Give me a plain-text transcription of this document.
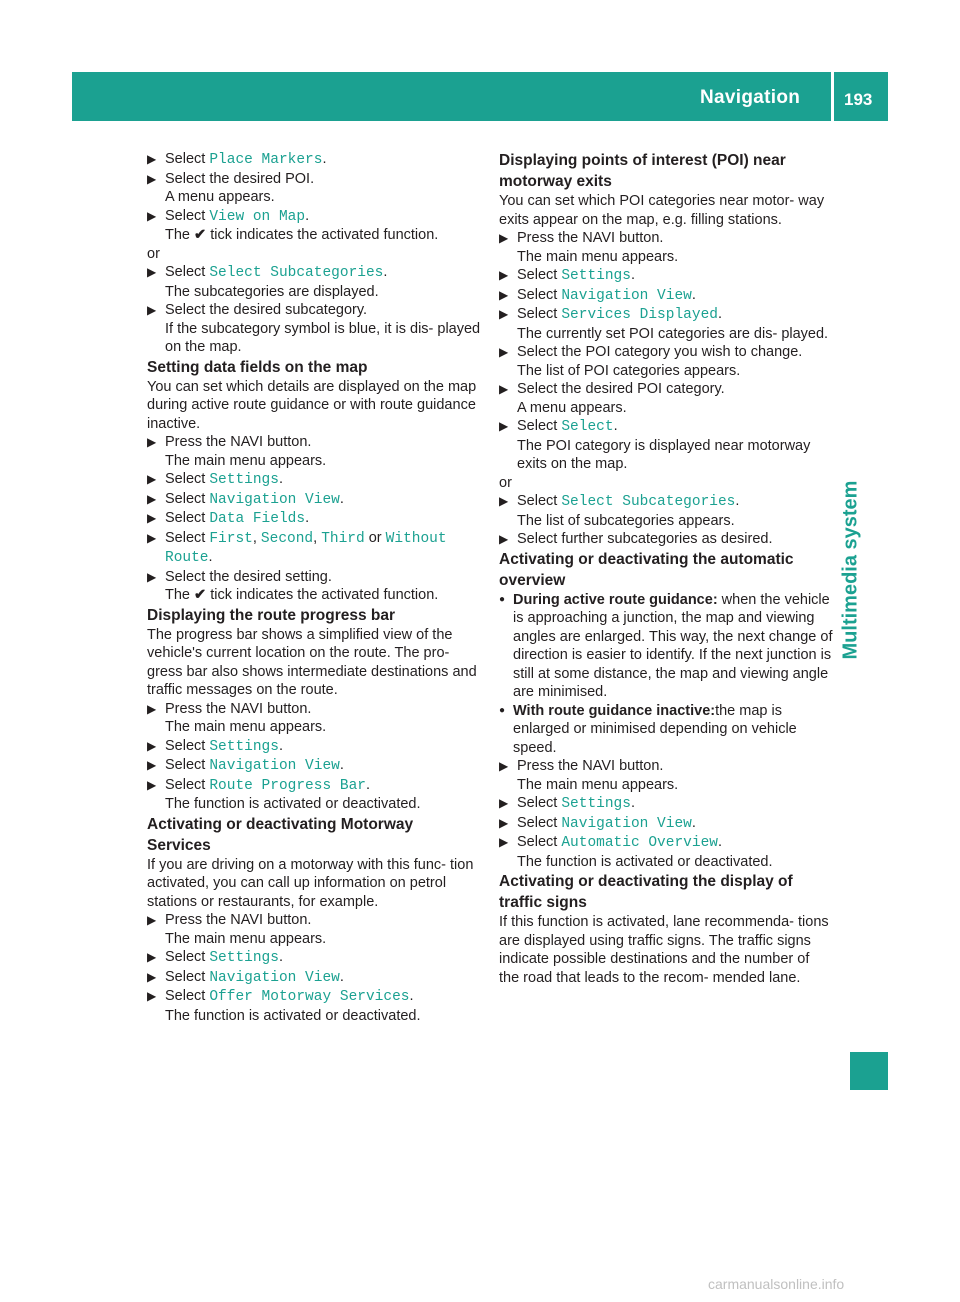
Navigation	193
Multimedia system

▶ Select Place Markers.

▶ Select the desired POI.
A menu appears.

▶ Select View on Map.
The ✔ tick indicates the activated function.

or

▶ Select Select Subcategories.
The subcategories are displayed.

▶ Select the desired subcategory.
If the subcategory symbol is blue, it is dis- played on the map.

Setting data fields on the map

You can set which details are displayed on the map during active route guidance or with route guidance inactive.

▶ Press the NAVI button.
The main menu appears.

▶ Select Settings.

▶ Select Navigation View.

▶ Select Data Fields.

▶ Select First, Second, Third or Without Route.

▶ Select the desired setting.
The ✔ tick indicates the activated function.

Displaying the route progress bar

The progress bar shows a simplified view of the vehicle's current location on the route. The pro- gress bar also shows intermediate destinations and traffic messages on the route.

▶ Press the NAVI button.
The main menu appears.

▶ Select Settings.

▶ Select Navigation View.

▶ Select Route Progress Bar.
The function is activated or deactivated.

Activating or deactivating Motorway Services

If you are driving on a motorway with this func- tion activated, you can call up information on petrol stations or restaurants, for example.

▶ Press the NAVI button.
The main menu appears.

▶ Select Settings.

▶ Select Navigation View.

▶ Select Offer Motorway Services.
The function is activated or deactivated.

Displaying points of interest (POI) near motorway exits

You can set which POI categories near motor- way exits appear on the map, e.g. filling stations.

▶ Press the NAVI button.
The main menu appears.

▶ Select Settings.

▶ Select Navigation View.

▶ Select Services Displayed.
The currently set POI categories are dis- played.

▶ Select the POI category you wish to change.
The list of POI categories appears.

▶ Select the desired POI category.
A menu appears.

▶ Select Select.
The POI category is displayed near motorway exits on the map.

or

▶ Select Select Subcategories.
The list of subcategories appears.

▶ Select further subcategories as desired.

Activating or deactivating the automatic overview

● During active route guidance: when the vehicle is approaching a junction, the map and viewing angles are enlarged. This way, the next change of direction is easier to identify. If the next junction is still at some distance, the map and viewing angle are minimised.

● With route guidance inactive:the map is enlarged or minimised depending on vehicle speed.

▶ Press the NAVI button.
The main menu appears.

▶ Select Settings.

▶ Select Navigation View.

▶ Select Automatic Overview.
The function is activated or deactivated.

Activating or deactivating the display of traffic signs

If this function is activated, lane recommenda- tions are displayed using traffic signs. The traffic signs indicate possible destinations and the number of the road that leads to the recom- mended lane.

carmanualsonline.info
